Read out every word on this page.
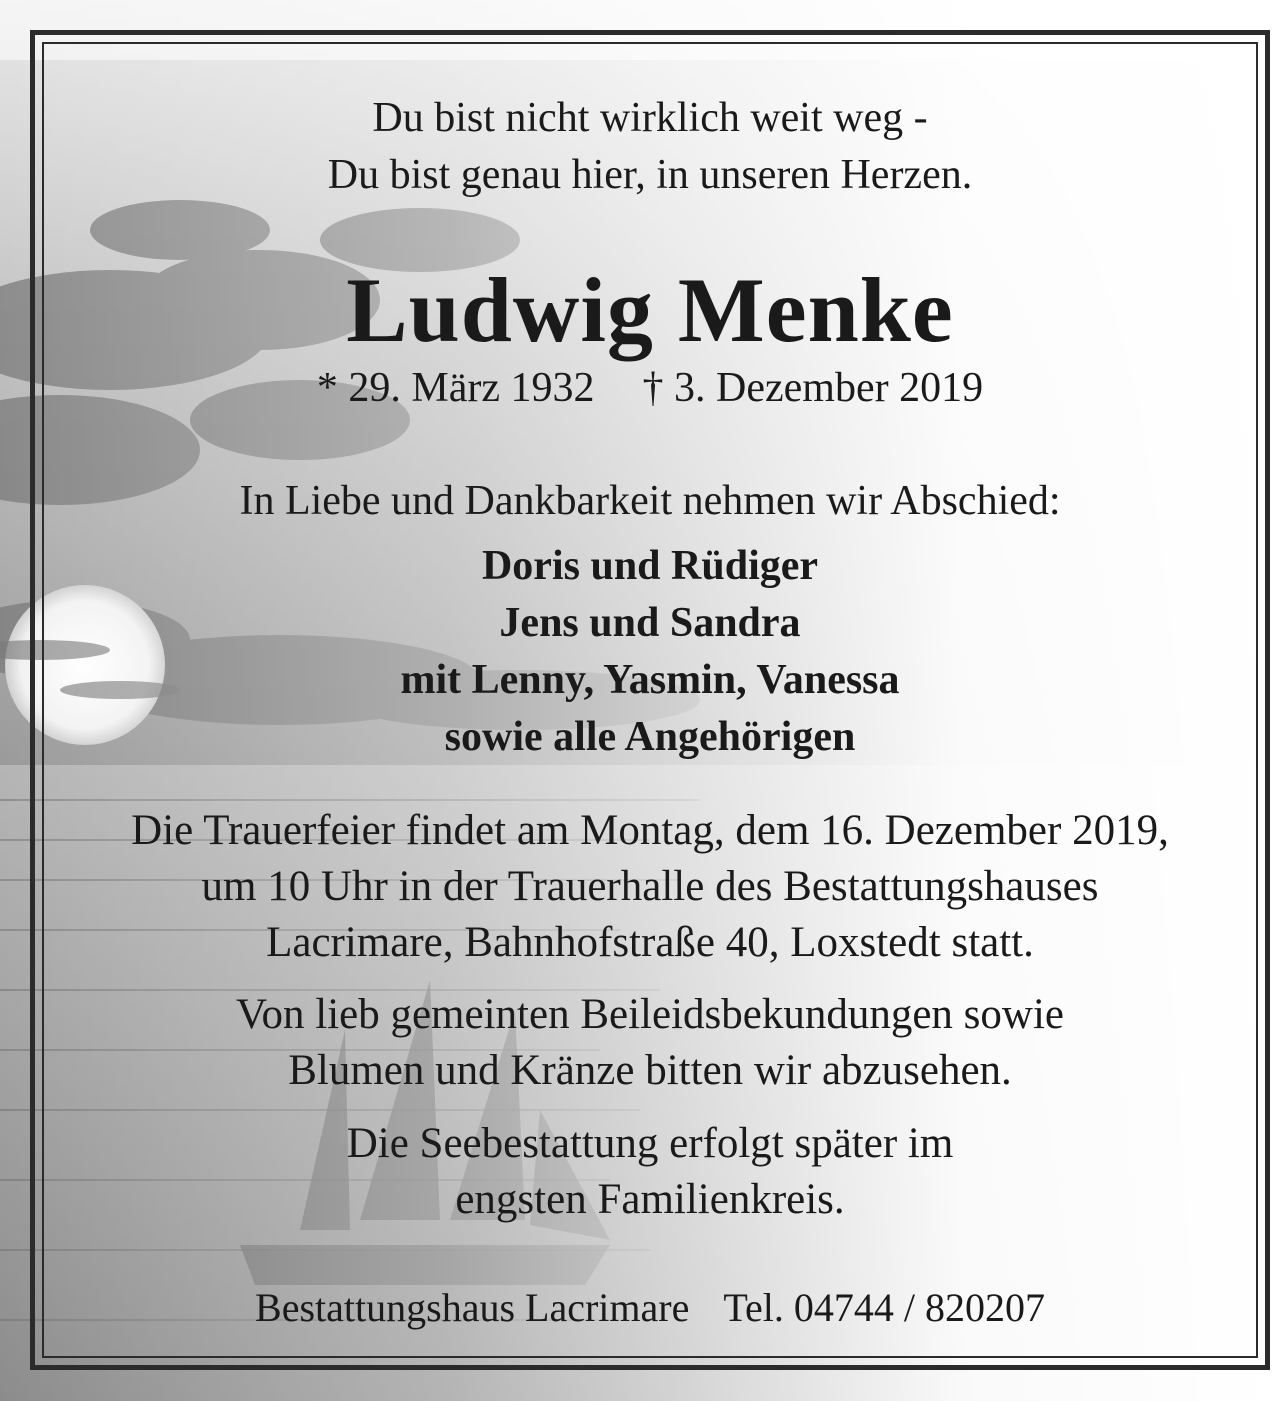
Du bist nicht wirklich weit weg -
Du bist genau hier, in unseren Herzen.
Ludwig Menke
* 29. März 1932 † 3. Dezember 2019
In Liebe und Dankbarkeit nehmen wir Abschied:
Doris und Rüdiger
Jens und Sandra
mit Lenny, Yasmin, Vanessa
sowie alle Angehörigen
Die Trauerfeier findet am Montag, dem 16. Dezember 2019,
um 10 Uhr in der Trauerhalle des Bestattungshauses
Lacrimare, Bahnhofstraße 40, Loxstedt statt.
Von lieb gemeinten Beileidsbekundungen sowie
Blumen und Kränze bitten wir abzusehen.
Die Seebestattung erfolgt später im
engsten Familienkreis.
Bestattungshaus Lacrimare Tel. 04744 / 820207
